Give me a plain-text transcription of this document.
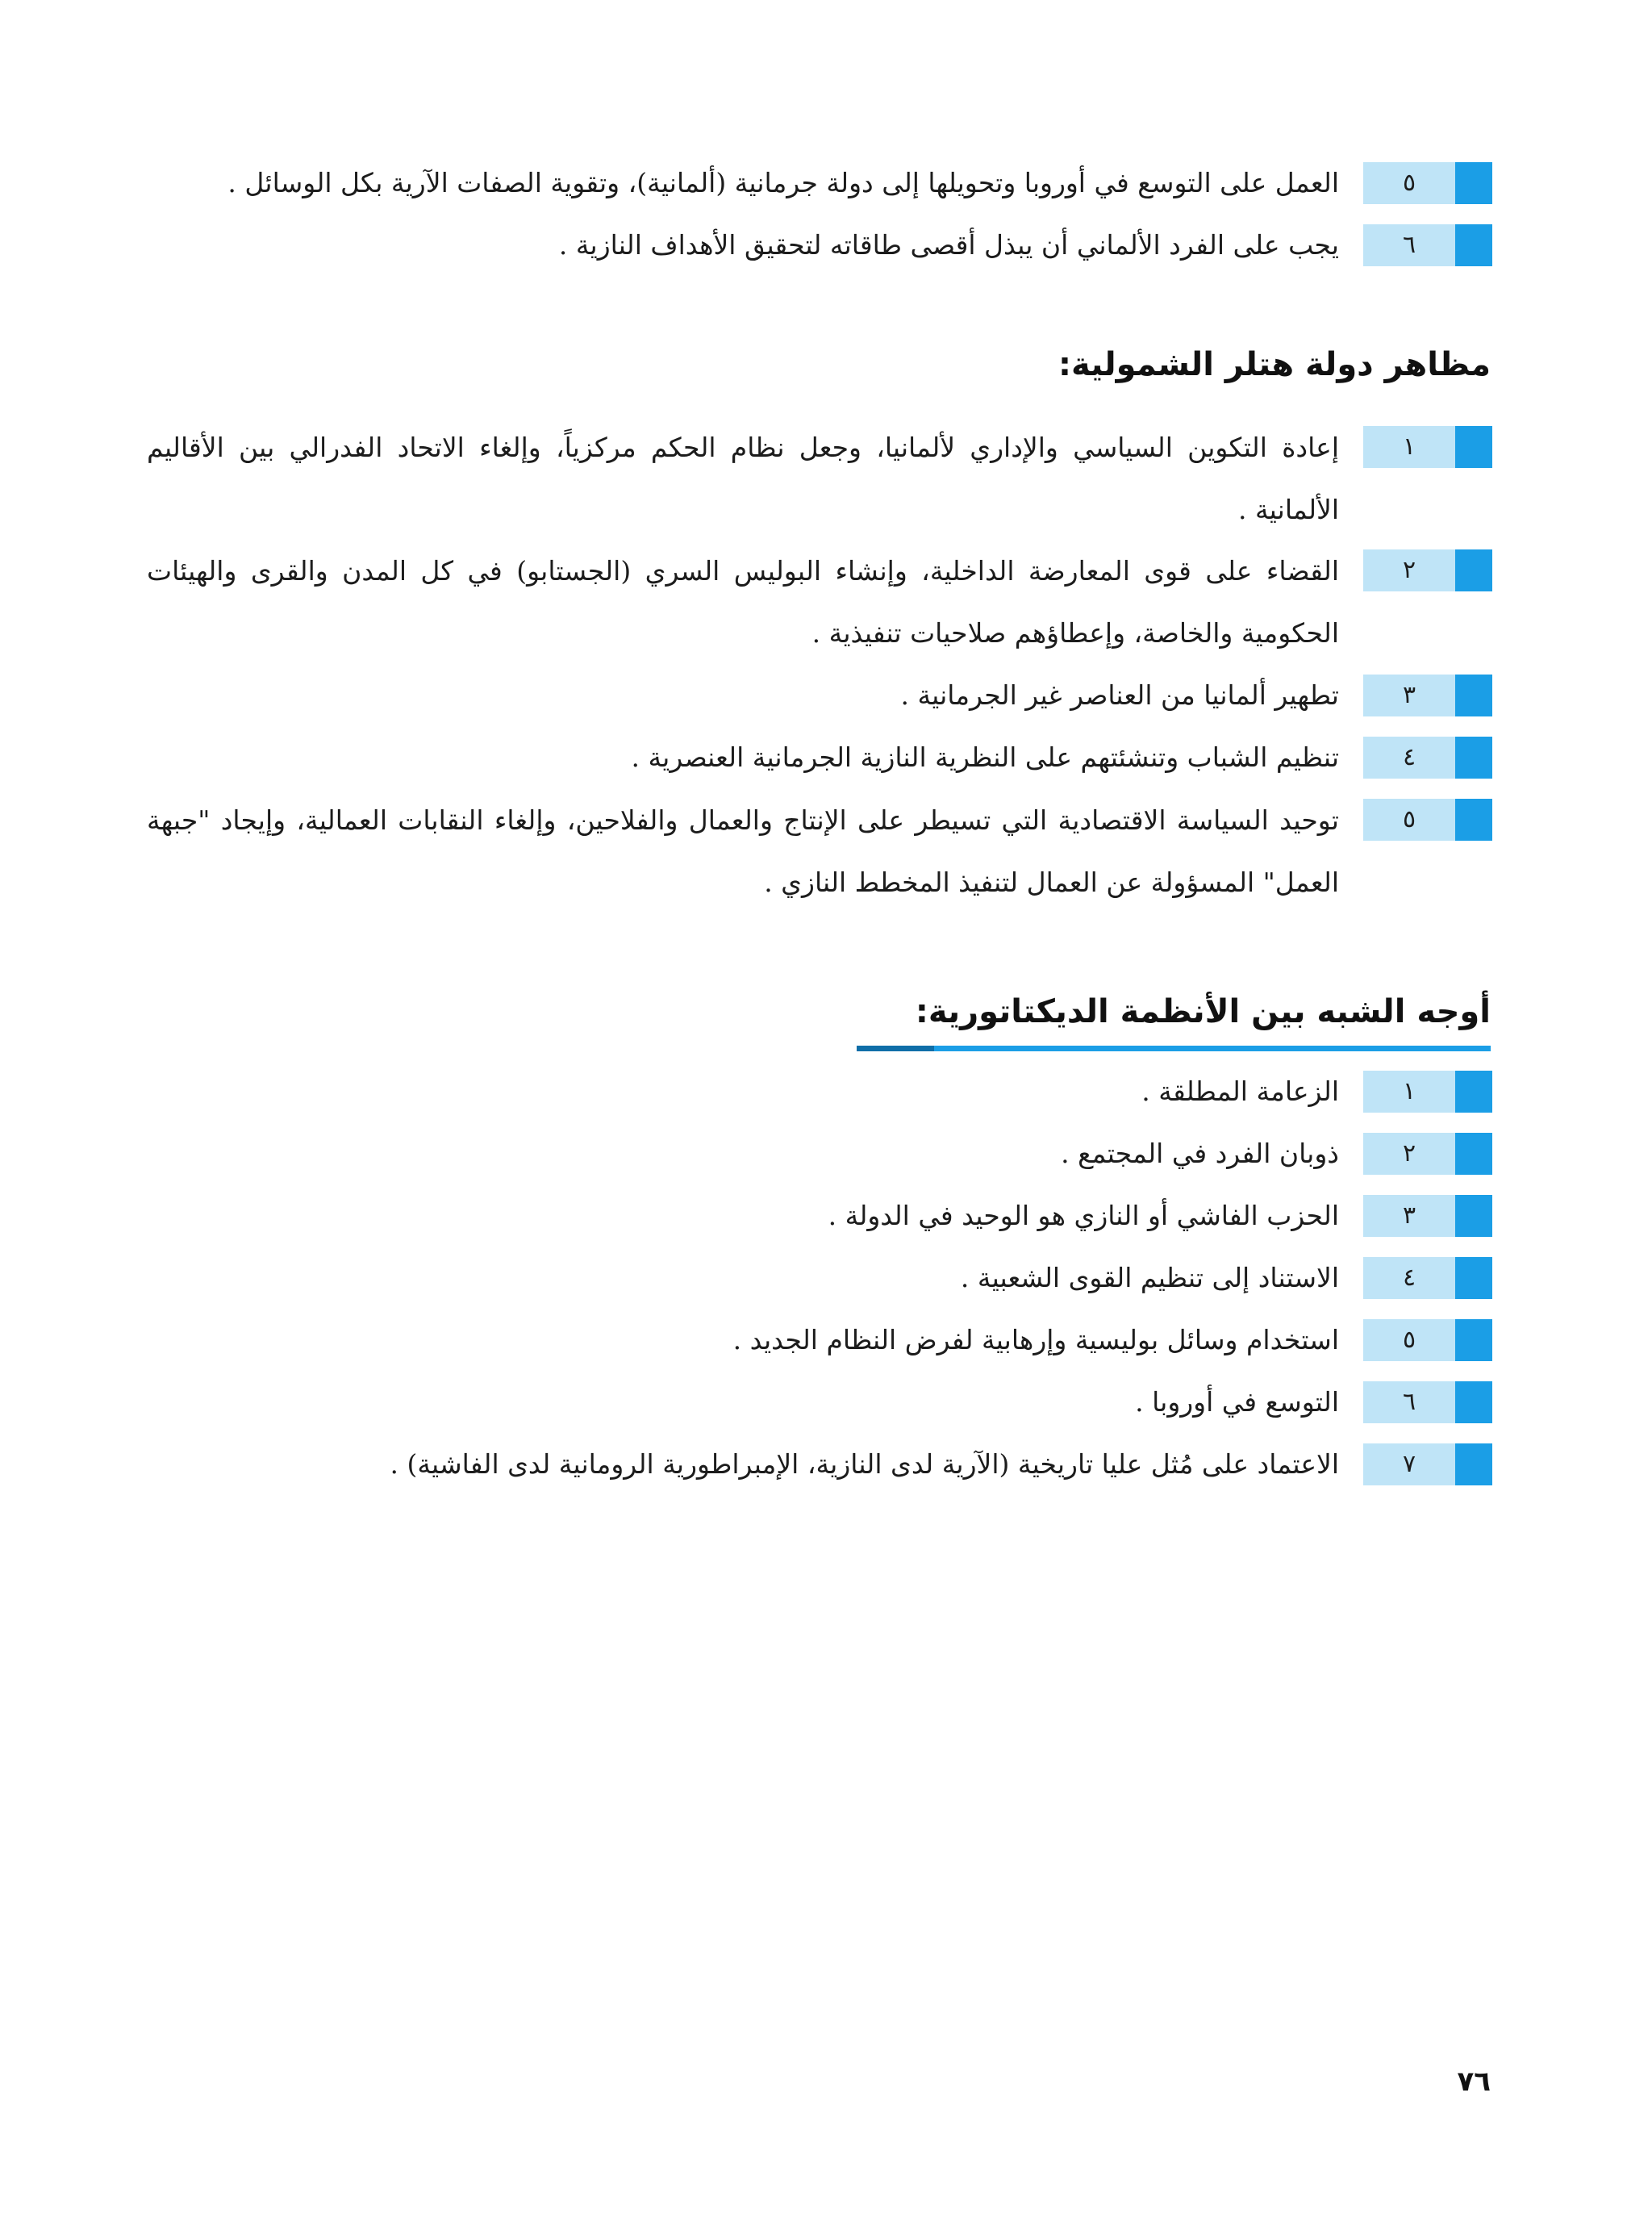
٥

العمل على التوسع في أوروبا وتحويلها إلى دولة جرمانية (ألمانية)، وتقوية الصفات الآرية بكل الوسائل .

٦

يجب على الفرد الألماني أن يبذل أقصى طاقاته لتحقيق الأهداف النازية .

مظاهر دولة هتلر الشمولية:
١

إعادة التكوين السياسي والإداري لألمانيا، وجعل نظام الحكم مركزياً، وإلغاء الاتحاد الفدرالي بين الأقاليم الألمانية .

٢

القضاء على قوى المعارضة الداخلية، وإنشاء البوليس السري (الجستابو) في كل المدن والقرى والهيئات الحكومية والخاصة، وإعطاؤهم صلاحيات تنفيذية .

٣

تطهير ألمانيا من العناصر غير الجرمانية .

٤

تنظيم الشباب وتنشئتهم على النظرية النازية الجرمانية العنصرية .

٥

توحيد السياسة الاقتصادية التي تسيطر على الإنتاج والعمال والفلاحين، وإلغاء النقابات العمالية، وإيجاد "جبهة العمل" المسؤولة عن العمال لتنفيذ المخطط النازي .

أوجه الشبه بين الأنظمة الديكتاتورية:
١

الزعامة المطلقة .

٢

ذوبان الفرد في المجتمع .

٣

الحزب الفاشي أو النازي هو الوحيد في الدولة .

٤

الاستناد إلى تنظيم القوى الشعبية .

٥

استخدام وسائل بوليسية وإرهابية لفرض النظام الجديد .

٦

التوسع في أوروبا .

٧

الاعتماد على مُثل عليا تاريخية (الآرية لدى النازية، الإمبراطورية الرومانية لدى الفاشية) .

٧٦
